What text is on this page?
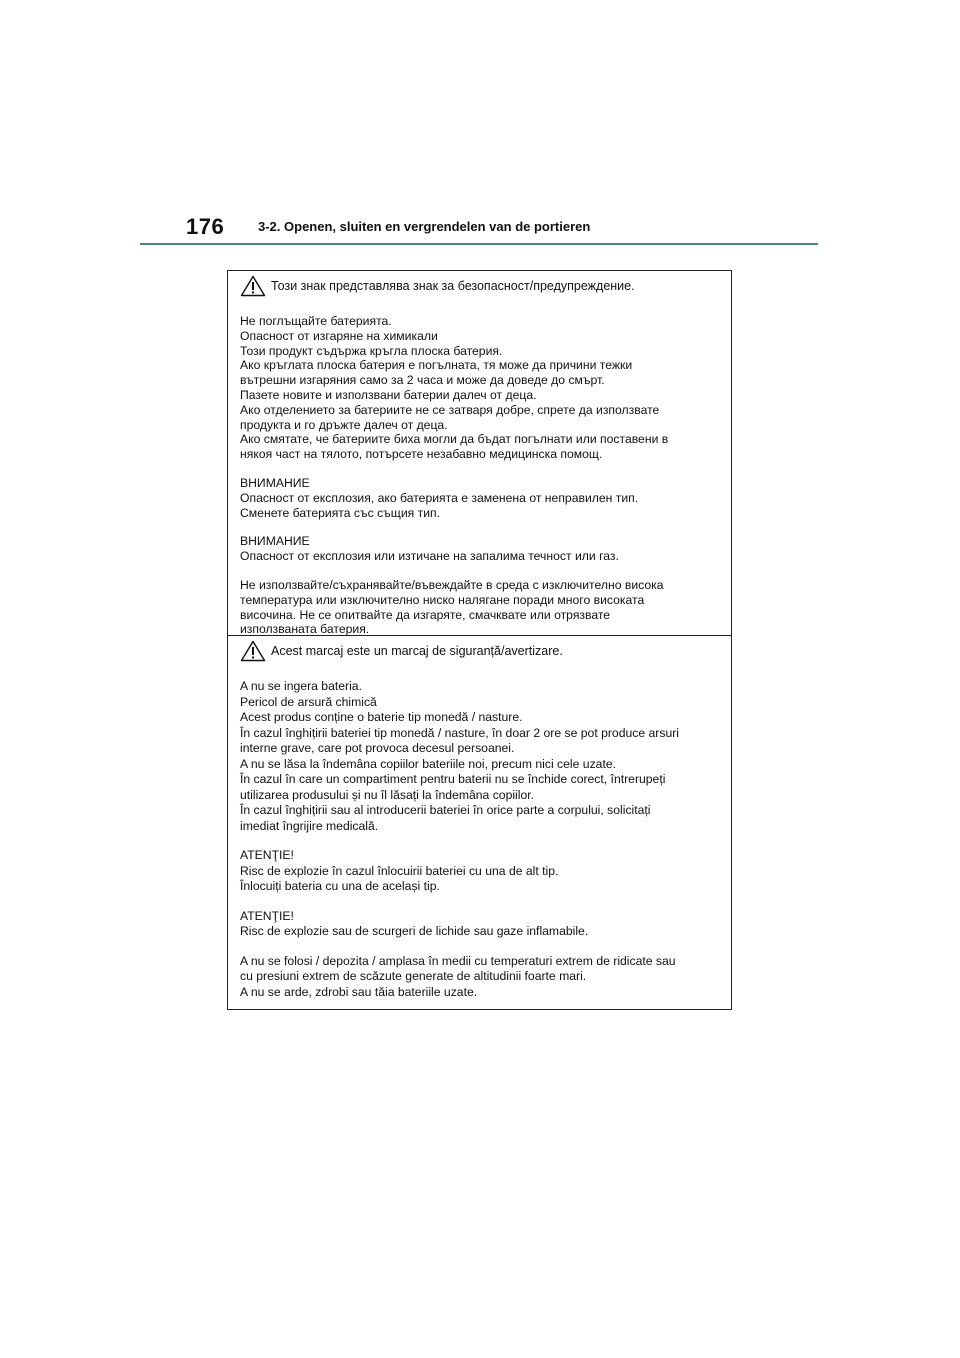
176	3-2. Openen, sluiten en vergrendelen van de portieren
Този знак представлява знак за безопасност/предупреждение.
Не поглъщайте батерията.
Опасност от изгаряне на химикали
Този продукт съдържа кръгла плоска батерия.
Ако кръглата плоска батерия е погълната, тя може да причини тежки
вътрешни изгаряния само за 2 часа и може да доведе до смърт.
Пазете новите и използвани батерии далеч от деца.
Ако отделението за батериите не се затваря добре, спрете да използвате
продукта и го дръжте далеч от деца.
Ако смятате, че батериите биха могли да бъдат погълнати или поставени в
някоя част на тялото, потърсете незабавно медицинска помощ.
ВНИМАНИЕ
Опасност от експлозия, ако батерията е заменена от неправилен тип.
Сменете батерията със същия тип.
ВНИМАНИЕ
Опасност от експлозия или изтичане на запалима течност или газ.
Не използвайте/съхранявайте/въвеждайте в среда с изключително висока
температура или изключително ниско налягане поради много високата
височина. Не се опитвайте да изгаряте, смачквате или отрязвате
използваната батерия.
Acest marcaj este un marcaj de siguranță/avertizare.
A nu se ingera bateria.
Pericol de arsură chimică
Acest produs conține o baterie tip monedă / nasture.
În cazul înghițirii bateriei tip monedă / nasture, în doar 2 ore se pot produce arsuri
interne grave, care pot provoca decesul persoanei.
A nu se lăsa la îndemâna copiilor bateriile noi, precum nici cele uzate.
În cazul în care un compartiment pentru baterii nu se închide corect, întrerupeți
utilizarea produsului și nu îl lăsați la îndemâna copiilor.
În cazul înghițirii sau al introducerii bateriei în orice parte a corpului, solicitați
imediat îngrijire medicală.
ATENŢIE!
Risc de explozie în cazul înlocuirii bateriei cu una de alt tip.
Înlocuiți bateria cu una de același tip.
ATENŢIE!
Risc de explozie sau de scurgeri de lichide sau gaze inflamabile.
A nu se folosi / depozita / amplasa în medii cu temperaturi extrem de ridicate sau
cu presiuni extrem de scăzute generate de altitudinii foarte mari.
A nu se arde, zdrobi sau tăia bateriile uzate.
